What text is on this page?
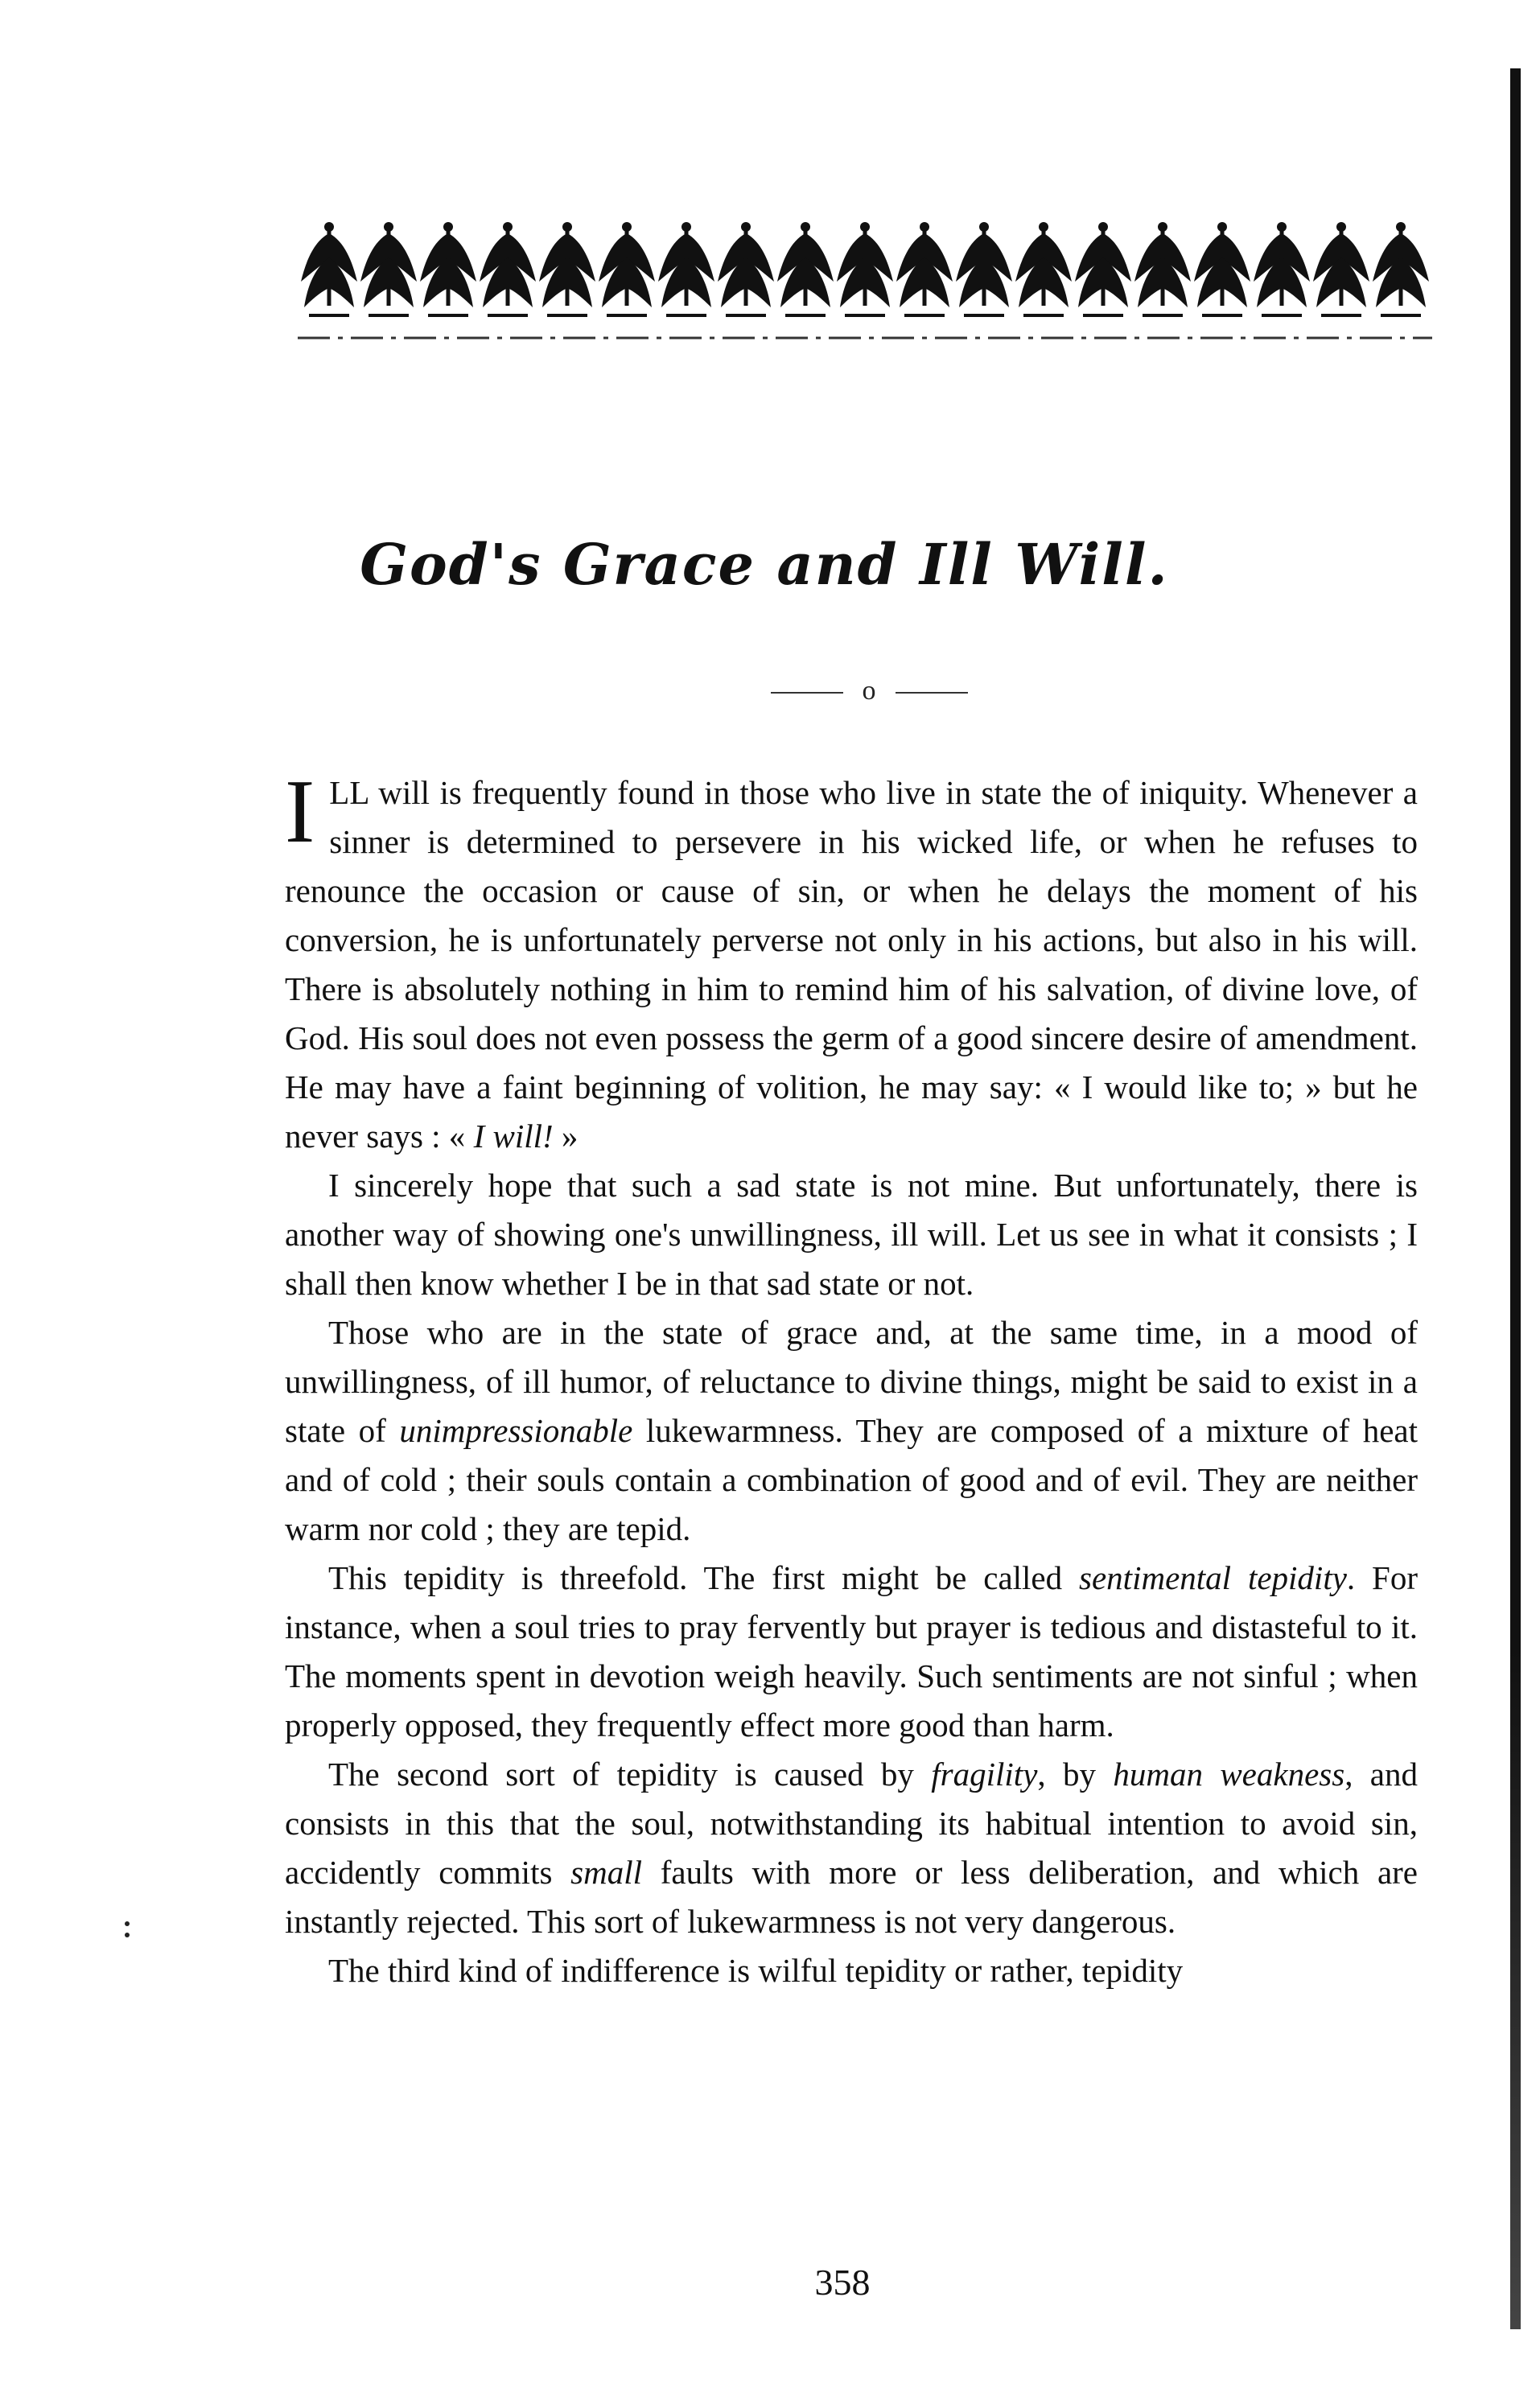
God's Grace and Ill Will.
o

ILL will is frequently found in those who live in state the of iniquity. Whenever a sinner is determined to persevere in his wicked life, or when he refuses to renounce the occasion or cause of sin, or when he delays the moment of his conversion, he is unfortunately perverse not only in his actions, but also in his will. There is absolutely nothing in him to remind him of his salvation, of divine love, of God. His soul does not even possess the germ of a good sincere desire of amendment. He may have a faint beginning of volition, he may say: « I would like to; » but he never says : « I will! »

I sincerely hope that such a sad state is not mine. But unfortunately, there is another way of showing one's unwillingness, ill will. Let us see in what it consists ; I shall then know whether I be in that sad state or not.

Those who are in the state of grace and, at the same time, in a mood of unwillingness, of ill humor, of reluctance to divine things, might be said to exist in a state of unimpressionable lukewarmness. They are composed of a mixture of heat and of cold ; their souls contain a combination of good and of evil. They are neither warm nor cold ; they are tepid.

This tepidity is threefold. The first might be called sentimental tepidity. For instance, when a soul tries to pray fervently but prayer is tedious and distasteful to it. The moments spent in devotion weigh heavily. Such sentiments are not sinful ; when properly opposed, they frequently effect more good than harm.

The second sort of tepidity is caused by fragility, by human weakness, and consists in this that the soul, notwithstanding its habitual intention to avoid sin, accidently commits small faults with more or less deliberation, and which are instantly rejected. This sort of lukewarmness is not very dangerous.

The third kind of indifference is wilful tepidity or rather, tepidity

358
